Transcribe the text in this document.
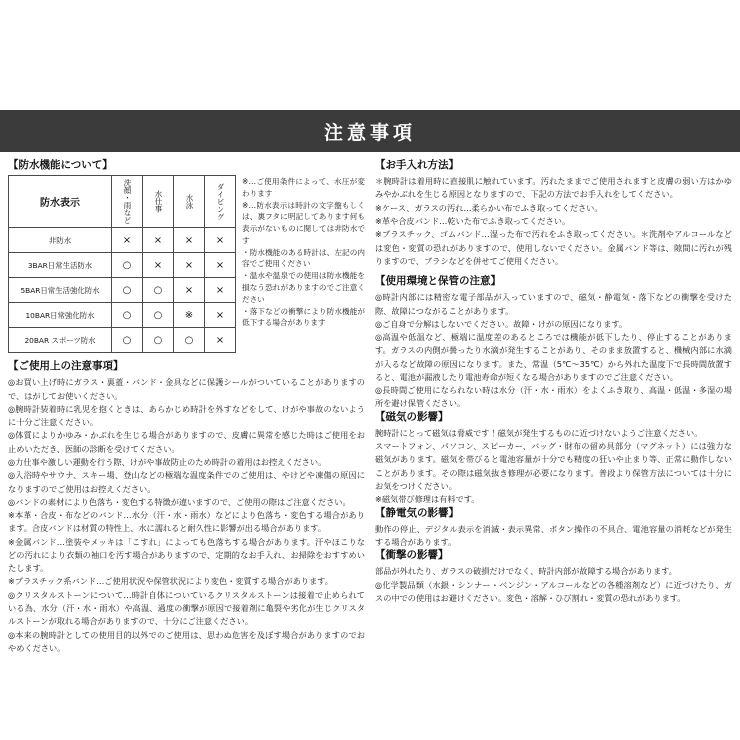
注意事項
【防水機能について】
防水表示	洗顔・雨など	水仕事	水泳	ダイビング

非防水	×	×	×	×
3BAR日常生活防水	○	×	×	×
5BAR日常生活強化防水	○	○	×	×
10BAR日常強化防水	○	○	※	×
20BAR スポーツ防水	○	○	○	×

※…ご使用条件によって、水圧が変わります

※…防水表示は時計の文字盤もしくは、裏フタに明記してあります何も表示がないものに関しては非防水です

・防水機能のある時計は、左記の内容でご使用ください

・温水や温泉での使用は防水機能を損なう恐れがありますのでご注意ください

・落下などの衝撃により防水機能が低下する場合があります

【ご使用上の注意事項】

◎お買い上げ時にガラス・裏蓋・バンド・金具などに保護シールがついていることがありますので、はがしてお使いください。

◎腕時計装着時に乳児を抱くときは、あらかじめ時計を外すなどをして、けがや事故のないように十分ご注意ください。

◎体質によりかゆみ・かぶれを生じる場合がありますので、皮膚に異常を感じた時はご使用をお止めいただき、医師の診断を受けてください。

◎力仕事や激しい運動を行う際、けがや事故防止のため時計の着用はお控えください。

◎入浴時やサウナ、スキー場、登山などの極端な温度条件でのご使用は、やけどや凍傷の原因になりますのでご使用はお控えください。

◎バンドの素材により色落ち・変色する特徴が違いますので、ご使用の際はご注意ください。

※本革・合皮・布などのバンド…水分（汗・水・雨水）などにより色落ち・変色する場合があります。合皮バンドは材質の特性上、水に濡れると耐久性に影響が出る場合があります。

※金属バンド…塗装やメッキは「こすれ」によっても色落ちする場合があります。汗やほこりなどの汚れにより衣類の袖口を汚す場合がありますので、定期的なお手入れ、お掃除をおすすめいたします。

※プラスチック系バンド…ご使用状況や保管状況により変色・変質する場合があります。

◎クリスタルストーンについて…時計自体についているクリスタルストーンは接着で止められている為、水分（汗・水・雨水）や高温、過度の衝撃が原因で接着剤に亀裂や劣化が生じクリスタルストーンが取れる場合がありますので、十分にご注意ください。

◎本来の腕時計としての使用目的以外でのご使用は、思わぬ危害を及ぼす場合がありますのでおやめください。

【お手入れ方法】

＊腕時計は着用時に直接肌に触れています。汚れたままでご使用されますと皮膚の弱い方はかゆみやかぶれを生じる原因となりますので、下記の方法でお手入れをしてください。

※ケース、ガラスの汚れ…柔らかい布でふき取ってください。

※革や合皮バンド…乾いた布でふき取ってください。

※プラスチック、ゴムバンド…湿った布で汚れをふき取ってください。＊洗剤やアルコールなどは変色・変質の恐れがありますので、使用しないでください。金属バンド等は、隙間に汚れが残りますので、ブラシなどを併せてご使用ください。

【使用環境と保管の注意】

◎時計内部には精密な電子部品が入っていますので、磁気・静電気・落下などの衝撃を受けた際、故障につながることがあります。

◎ご自身で分解はしないでください。故障・けがの原因になります。

◎高温や低温など、極端に温度差のあるところでは機能が低下したり、停止することがあります。ガラスの内側が曇ったり水滴が発生することがあり、そのまま放置すると、機械内部に水滴が入るなど故障の原因になります。また、常温（5℃～35℃）から外れた温度下で長時間放置すると、電池が漏液したり電池寿命が短くなる場合がありますのでご注意ください。

◎長時間ご使用になられない時は水分（汗・水・雨水）をよくふき取り、高温・低温・多湿の場所を避け保管ください。

【磁気の影響】

腕時計にとって磁気は脅威です！磁気が発生するものに近づけないようご注意ください。

スマートフォン、パソコン、スピーカー、バッグ・財布の留め具部分（マグネット）には強力な磁気があります。磁気を帯びると電池容量が十分でも精度の狂いや止まり等、正常に動作しないことがあります。その際は磁気抜き修理が必要になります。普段より保管方法については十分にお気をつけください。

※磁気帯び修理は有料です。

【静電気の影響】

動作の停止、デジタル表示を消滅・表示異常、ボタン操作の不具合、電池容量の消耗などが発生する場合があります。

【衝撃の影響】

部品が外れたり、ガラスの破損だけでなく、時計内部が故障する場合があります。

◎化学製品類（水銀・シンナー・ベンジン・アルコールなどの各種溶剤など）に近づけたり、ガスの中での使用はお避けください。変色・溶解・ひび割れ・変質の恐れがあります。
